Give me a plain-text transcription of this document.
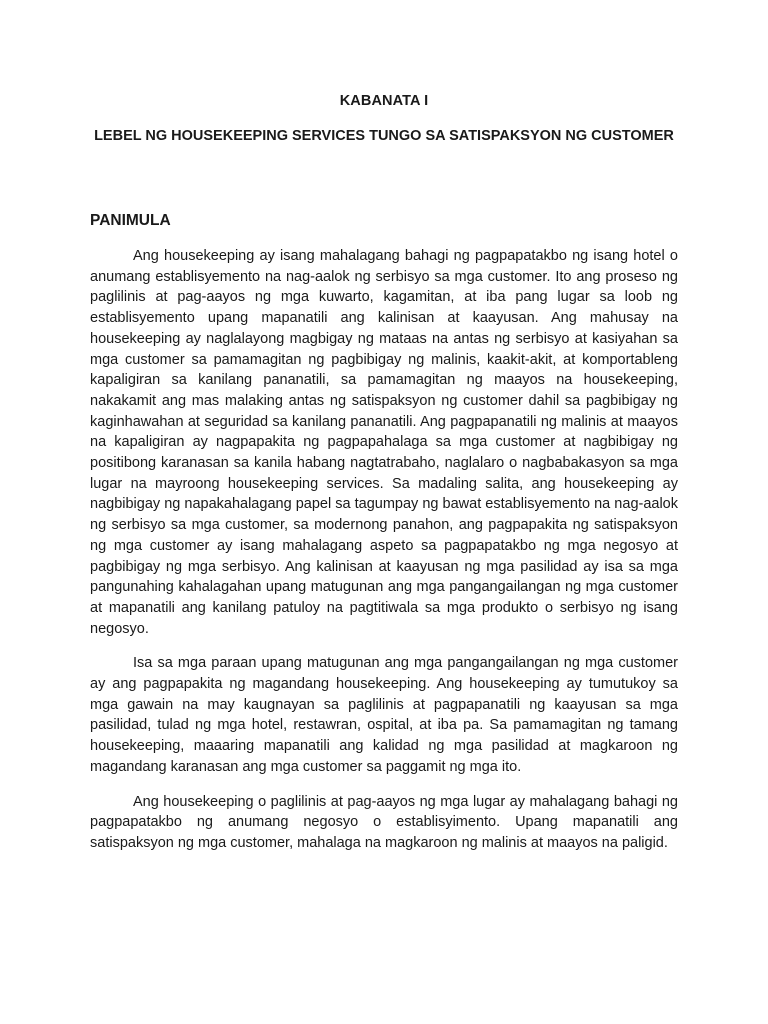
KABANATA I
LEBEL NG HOUSEKEEPING SERVICES TUNGO SA SATISPAKSYON NG CUSTOMER
PANIMULA

Ang housekeeping ay isang mahalagang bahagi ng pagpapatakbo ng isang hotel o anumang establisyemento na nag-aalok ng serbisyo sa mga customer. Ito ang proseso ng paglilinis at pag-aayos ng mga kuwarto, kagamitan, at iba pang lugar sa loob ng establisyemento upang mapanatili ang kalinisan at kaayusan. Ang mahusay na housekeeping ay naglalayong magbigay ng mataas na antas ng serbisyo at kasiyahan sa mga customer sa pamamagitan ng pagbibigay ng malinis, kaakit-akit, at komportableng kapaligiran sa kanilang pananatili, sa pamamagitan ng maayos na housekeeping, nakakamit ang mas malaking antas ng satispaksyon ng customer dahil sa pagbibigay ng kaginhawahan at seguridad sa kanilang pananatili. Ang pagpapanatili ng malinis at maayos na kapaligiran ay nagpapakita ng pagpapahalaga sa mga customer at nagbibigay ng positibong karanasan sa kanila habang nagtatrabaho, naglalaro o nagbabakasyon sa mga lugar na mayroong housekeeping services. Sa madaling salita, ang housekeeping ay nagbibigay ng napakahalagang papel sa tagumpay ng bawat establisyemento na nag-aalok ng serbisyo sa mga customer, sa modernong panahon, ang pagpapakita ng satispaksyon ng mga customer ay isang mahalagang aspeto sa pagpapatakbo ng mga negosyo at pagbibigay ng mga serbisyo. Ang kalinisan at kaayusan ng mga pasilidad ay isa sa mga pangunahing kahalagahan upang matugunan ang mga pangangailangan ng mga customer at mapanatili ang kanilang patuloy na pagtitiwala sa mga produkto o serbisyo ng isang negosyo.

Isa sa mga paraan upang matugunan ang mga pangangailangan ng mga customer ay ang pagpapakita ng magandang housekeeping. Ang housekeeping ay tumutukoy sa mga gawain na may kaugnayan sa paglilinis at pagpapanatili ng kaayusan sa mga pasilidad, tulad ng mga hotel, restawran, ospital, at iba pa. Sa pamamagitan ng tamang housekeeping, maaaring mapanatili ang kalidad ng mga pasilidad at magkaroon ng magandang karanasan ang mga customer sa paggamit ng mga ito.

Ang housekeeping o paglilinis at pag-aayos ng mga lugar ay mahalagang bahagi ng pagpapatakbo ng anumang negosyo o establisyimento. Upang mapanatili ang satispaksyon ng mga customer, mahalaga na magkaroon ng malinis at maayos na paligid.
